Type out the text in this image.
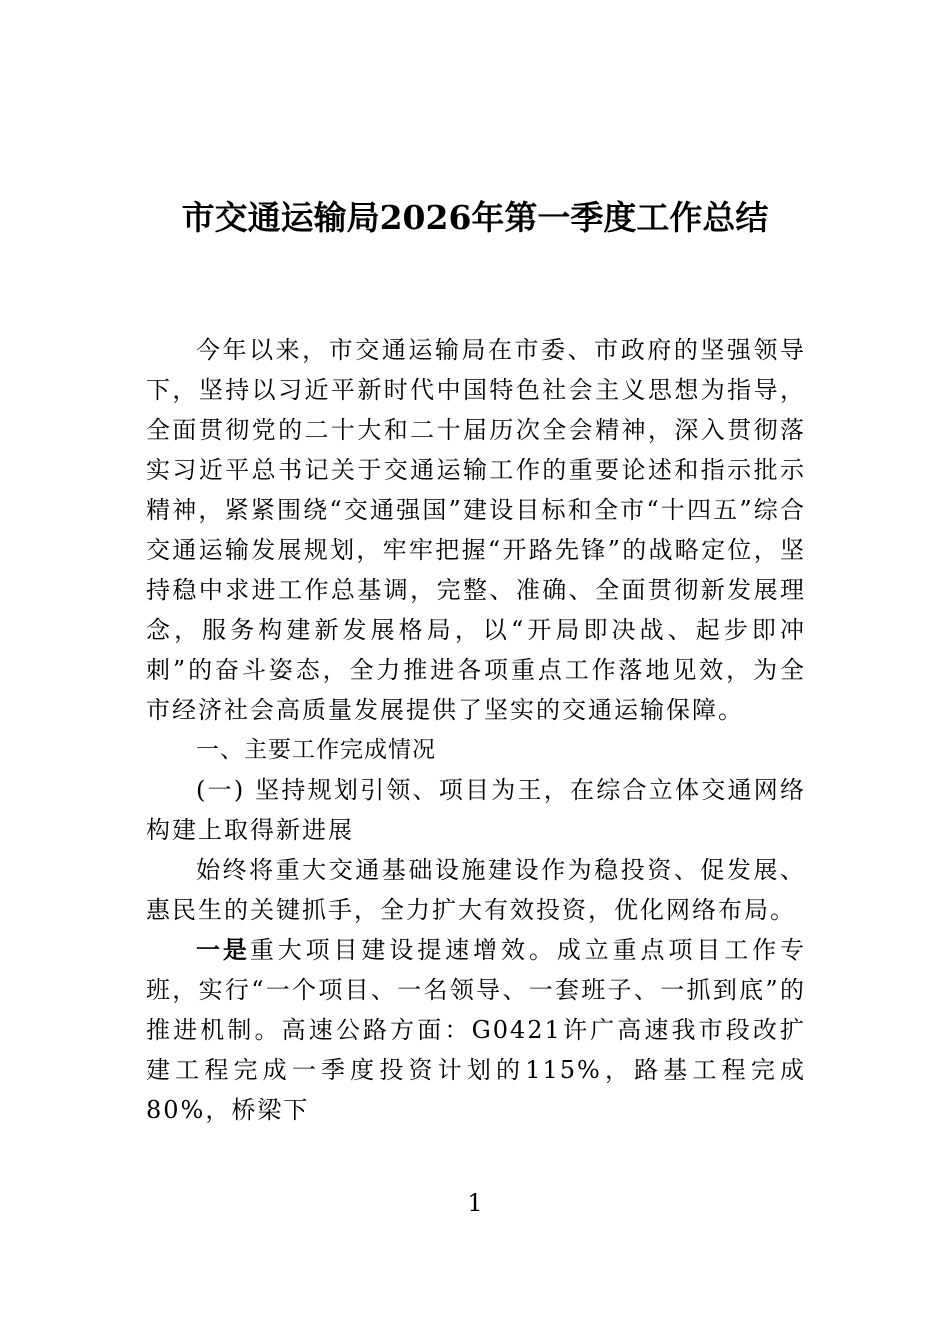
市交通运输局2026年第一季度工作总结

今年以来，市交通运输局在市委、市政府的坚强领导下，坚持以习近平新时代中国特色社会主义思想为指导，全面贯彻党的二十大和二十届历次全会精神，深入贯彻落实习近平总书记关于交通运输工作的重要论述和指示批示精神，紧紧围绕“交通强国”建设目标和全市“十四五”综合交通运输发展规划，牢牢把握“开路先锋”的战略定位，坚持稳中求进工作总基调，完整、准确、全面贯彻新发展理念，服务构建新发展格局，以“开局即决战、起步即冲刺”的奋斗姿态，全力推进各项重点工作落地见效，为全市经济社会高质量发展提供了坚实的交通运输保障。

一、主要工作完成情况

(一) 坚持规划引领、项目为王，在综合立体交通网络构建上取得新进展

始终将重大交通基础设施建设作为稳投资、促发展、惠民生的关键抓手，全力扩大有效投资，优化网络布局。

一是重大项目建设提速增效。成立重点项目工作专班，实行“一个项目、一名领导、一套班子、一抓到底”的推进机制。高速公路方面：G0421许广高速我市段改扩建工程完成一季度投资计划的115%，路基工程完成80%，桥梁下

1
